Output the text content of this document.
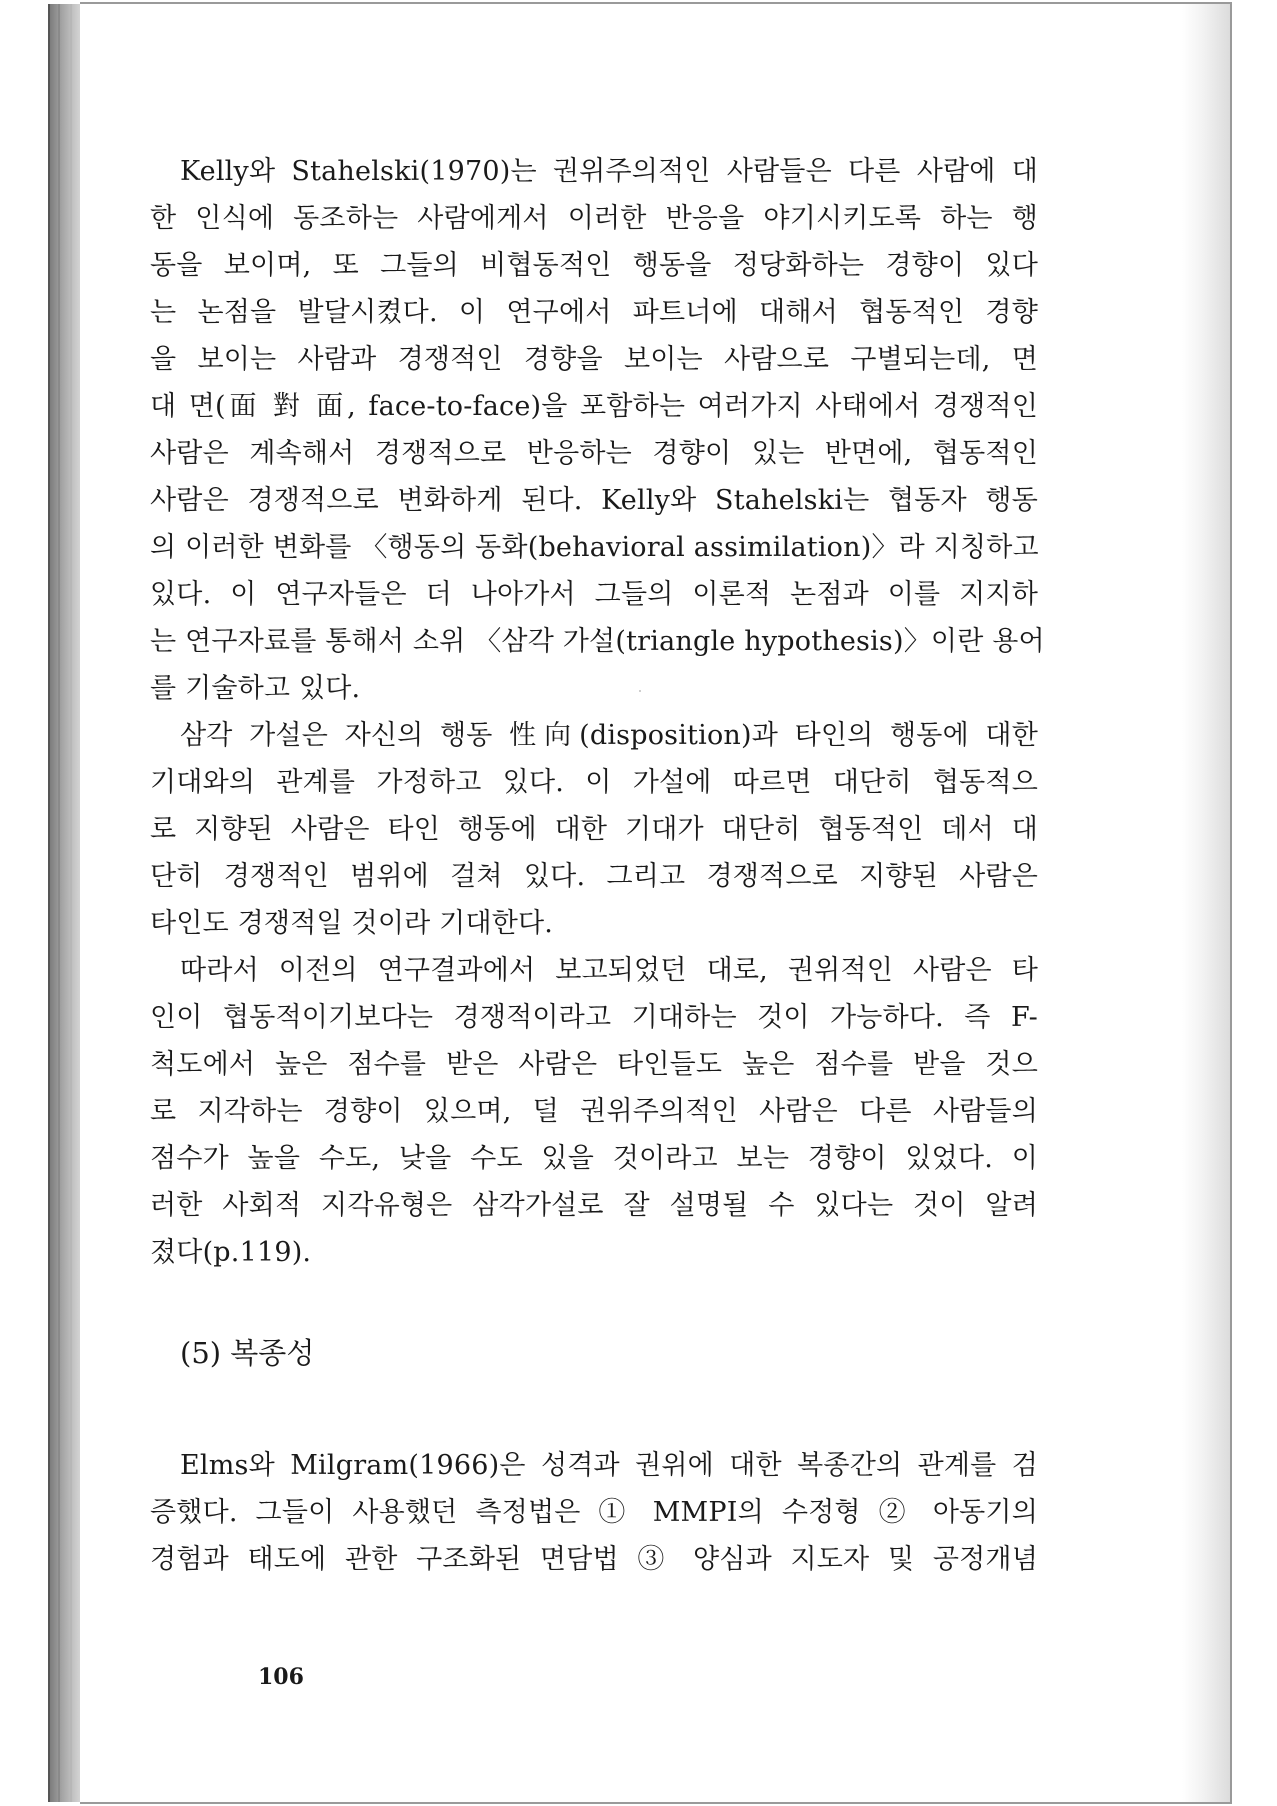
Kelly와 Stahelski(1970)는 권위주의적인 사람들은 다른 사람에 대
한 인식에 동조하는 사람에게서 이러한 반응을 야기시키도록 하는 행
동을 보이며, 또 그들의 비협동적인 행동을 정당화하는 경향이 있다
는 논점을 발달시켰다. 이 연구에서 파트너에 대해서 협동적인 경향
을 보이는 사람과 경쟁적인 경향을 보이는 사람으로 구별되는데, 면
대 면(面 對 面, face-to-face)을 포함하는 여러가지 사태에서 경쟁적인
사람은 계속해서 경쟁적으로 반응하는 경향이 있는 반면에, 협동적인
사람은 경쟁적으로 변화하게 된다. Kelly와 Stahelski는 협동자 행동
의 이러한 변화를 〈행동의 동화(behavioral assimilation)〉라 지칭하고
있다. 이 연구자들은 더 나아가서 그들의 이론적 논점과 이를 지지하
는 연구자료를 통해서 소위 〈삼각 가설(triangle hypothesis)〉이란 용어
를 기술하고 있다.
삼각 가설은 자신의 행동 性向(disposition)과 타인의 행동에 대한
기대와의 관계를 가정하고 있다. 이 가설에 따르면 대단히 협동적으
로 지향된 사람은 타인 행동에 대한 기대가 대단히 협동적인 데서 대
단히 경쟁적인 범위에 걸쳐 있다. 그리고 경쟁적으로 지향된 사람은
타인도 경쟁적일 것이라 기대한다.
따라서 이전의 연구결과에서 보고되었던 대로, 권위적인 사람은 타
인이 협동적이기보다는 경쟁적이라고 기대하는 것이 가능하다. 즉 F-
척도에서 높은 점수를 받은 사람은 타인들도 높은 점수를 받을 것으
로 지각하는 경향이 있으며, 덜 권위주의적인 사람은 다른 사람들의
점수가 높을 수도, 낮을 수도 있을 것이라고 보는 경향이 있었다. 이
러한 사회적 지각유형은 삼각가설로 잘 설명될 수 있다는 것이 알려
졌다(p.119).
(5) 복종성
Elms와 Milgram(1966)은 성격과 권위에 대한 복종간의 관계를 검
증했다. 그들이 사용했던 측정법은 ① MMPI의 수정형 ② 아동기의
경험과 태도에 관한 구조화된 면담법 ③ 양심과 지도자 및 공정개념
106
